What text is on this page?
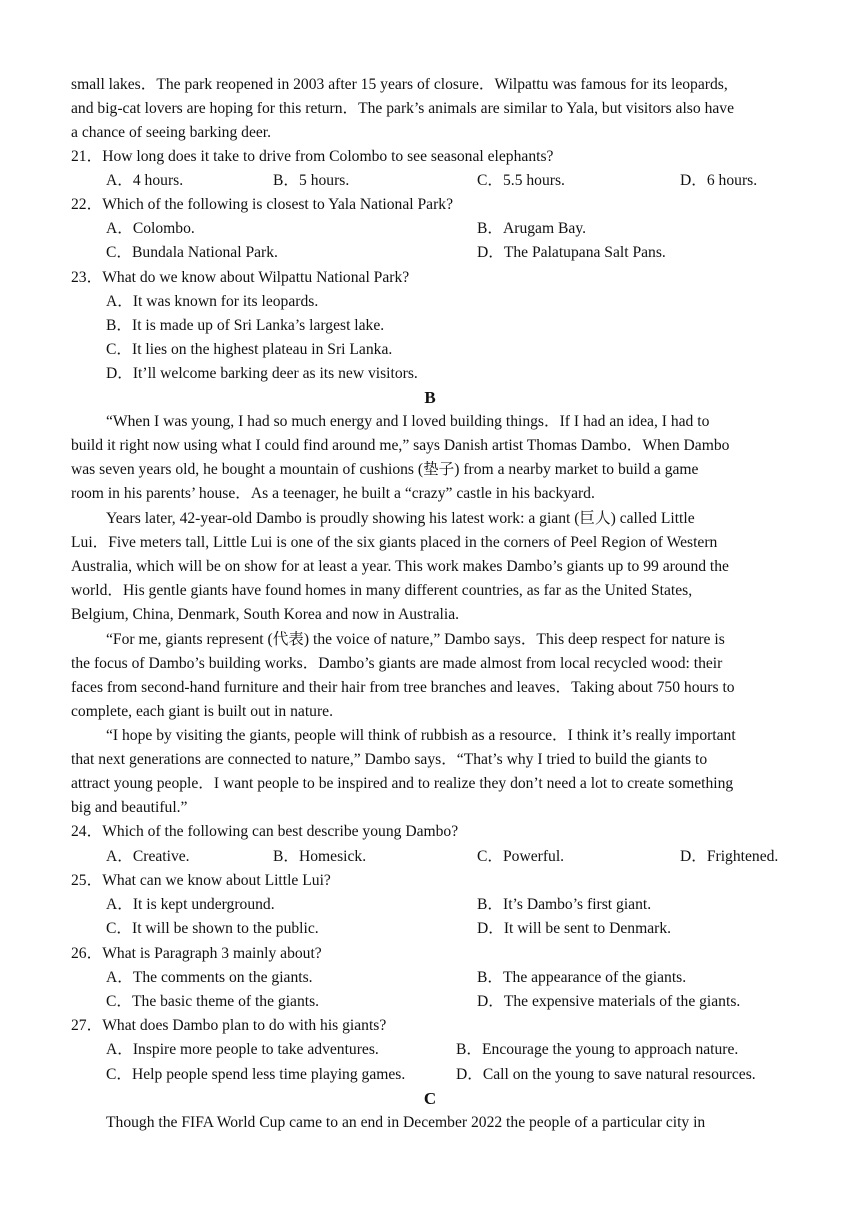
small lakes．The park reopened in 2003 after 15 years of closure．Wilpattu was famous for its leopards,
and big-cat lovers are hoping for this return．The park’s animals are similar to Yala, but visitors also have
a chance of seeing barking deer.
21．How long does it take to drive from Colombo to see seasonal elephants?
A．4 hours.	B．5 hours.	C．5.5 hours.	D．6 hours.
22．Which of the following is closest to Yala National Park?
A．Colombo.	B．Arugam Bay.
C．Bundala National Park.	D．The Palatupana Salt Pans.
23．What do we know about Wilpattu National Park?
A．It was known for its leopards.
B．It is made up of Sri Lanka’s largest lake.
C．It lies on the highest plateau in Sri Lanka.
D．It’ll welcome barking deer as its new visitors.
B
“When I was young, I had so much energy and I loved building things．If I had an idea, I had to
build it right now using what I could find around me,” says Danish artist Thomas Dambo．When Dambo
was seven years old, he bought a mountain of cushions (垫子) from a nearby market to build a game
room in his parents’ house．As a teenager, he built a “crazy” castle in his backyard.
Years later, 42-year-old Dambo is proudly showing his latest work: a giant (巨人) called Little
Lui．Five meters tall, Little Lui is one of the six giants placed in the corners of Peel Region of Western
Australia, which will be on show for at least a year. This work makes Dambo’s giants up to 99 around the
world．His gentle giants have found homes in many different countries, as far as the United States,
Belgium, China, Denmark, South Korea and now in Australia.
“For me, giants represent (代表) the voice of nature,” Dambo says．This deep respect for nature is
the focus of Dambo’s building works．Dambo’s giants are made almost from local recycled wood: their
faces from second-hand furniture and their hair from tree branches and leaves．Taking about 750 hours to
complete, each giant is built out in nature.
“I hope by visiting the giants, people will think of rubbish as a resource．I think it’s really important
that next generations are connected to nature,” Dambo says．“That’s why I tried to build the giants to
attract young people．I want people to be inspired and to realize they don’t need a lot to create something
big and beautiful.”
24．Which of the following can best describe young Dambo?
A．Creative.	B．Homesick.	C．Powerful.	D．Frightened.
25．What can we know about Little Lui?
A．It is kept underground.	B．It’s Dambo’s first giant.
C．It will be shown to the public.	D．It will be sent to Denmark.
26．What is Paragraph 3 mainly about?
A．The comments on the giants.	B．The appearance of the giants.
C．The basic theme of the giants.	D．The expensive materials of the giants.
27．What does Dambo plan to do with his giants?
A．Inspire more people to take adventures.	B．Encourage the young to approach nature.
C．Help people spend less time playing games.	D．Call on the young to save natural resources.
C
Though the FIFA World Cup came to an end in December 2022 the people of a particular city in
